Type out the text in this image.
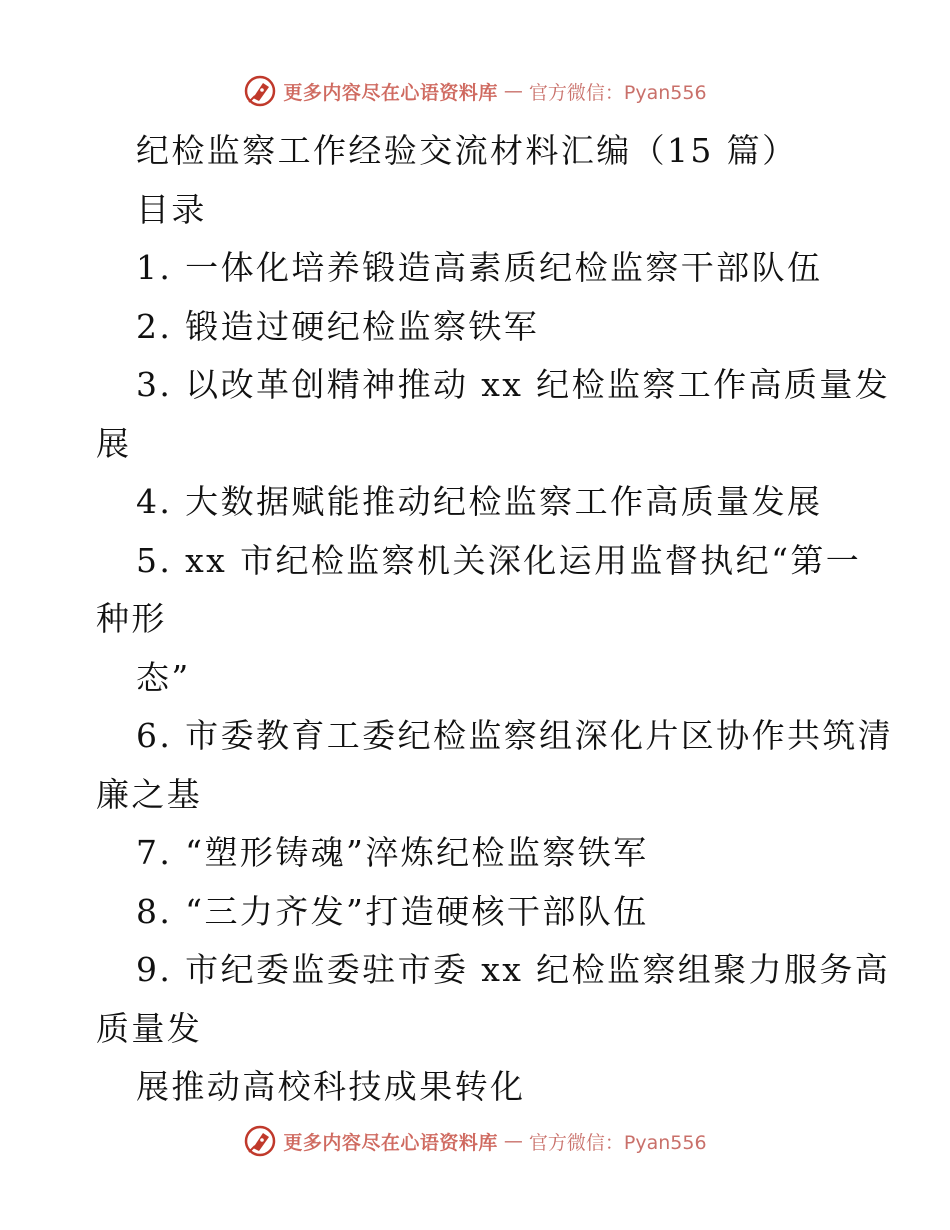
更多内容尽在心语资料库 — 官方微信：Pyan556
纪检监察工作经验交流材料汇编（15 篇）
目录
1. 一体化培养锻造高素质纪检监察干部队伍
2. 锻造过硬纪检监察铁军
3. 以改革创精神推动 xx 纪检监察工作高质量发
展
4. 大数据赋能推动纪检监察工作高质量发展
5. xx 市纪检监察机关深化运用监督执纪“第一
种形
态”
6. 市委教育工委纪检监察组深化片区协作共筑清
廉之基
7. “塑形铸魂”淬炼纪检监察铁军
8. “三力齐发”打造硬核干部队伍
9. 市纪委监委驻市委 xx 纪检监察组聚力服务高
质量发
展推动高校科技成果转化
更多内容尽在心语资料库 — 官方微信：Pyan556
